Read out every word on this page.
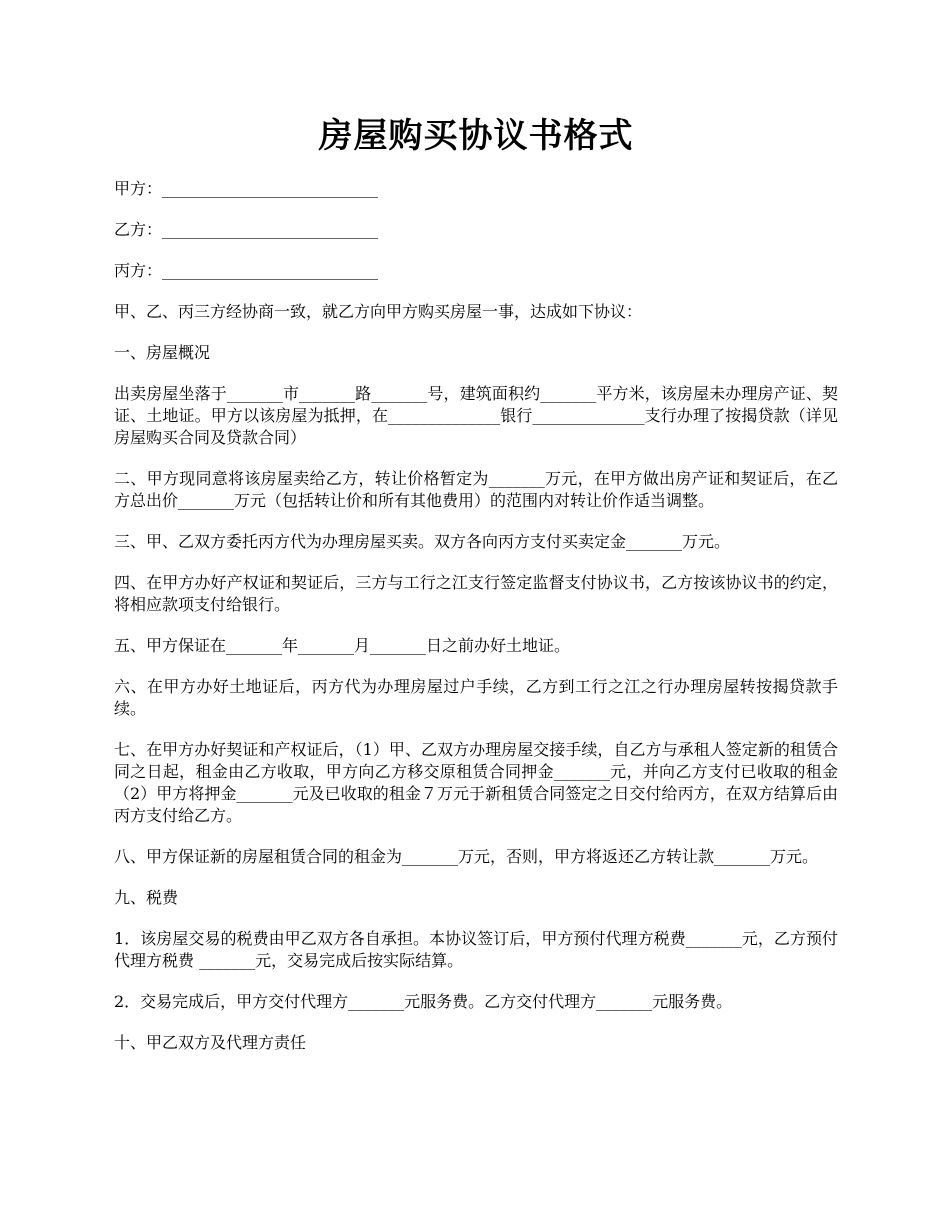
房屋购买协议书格式

甲方：___________________________

乙方：___________________________

丙方：___________________________

甲、乙、丙三方经协商一致，就乙方向甲方购买房屋一事，达成如下协议：

一、房屋概况

出卖房屋坐落于_______市_______路_______号，建筑面积约_______平方米，该房屋未办理房产证、契证、土地证。甲方以该房屋为抵押，在______________银行______________支行办理了按揭贷款（详见房屋购买合同及贷款合同）

二、甲方现同意将该房屋卖给乙方，转让价格暂定为_______万元，在甲方做出房产证和契证后，在乙方总出价_______万元（包括转让价和所有其他费用）的范围内对转让价作适当调整。

三、甲、乙双方委托丙方代为办理房屋买卖。双方各向丙方支付买卖定金_______万元。

四、在甲方办好产权证和契证后，三方与工行之江支行签定监督支付协议书，乙方按该协议书的约定，将相应款项支付给银行。

五、甲方保证在_______年_______月_______日之前办好土地证。

六、在甲方办好土地证后，丙方代为办理房屋过户手续，乙方到工行之江之行办理房屋转按揭贷款手续。

七、在甲方办好契证和产权证后，（1）甲、乙双方办理房屋交接手续，自乙方与承租人签定新的租赁合同之日起，租金由乙方收取，甲方向乙方移交原租赁合同押金_______元，并向乙方支付已收取的租金（2）甲方将押金_______元及已收取的租金７万元于新租赁合同签定之日交付给丙方，在双方结算后由丙方支付给乙方。

八、甲方保证新的房屋租赁合同的租金为_______万元，否则，甲方将返还乙方转让款_______万元。

九、税费

1．该房屋交易的税费由甲乙双方各自承担。本协议签订后，甲方预付代理方税费_______元，乙方预付代理方税费 _______元，交易完成后按实际结算。

2．交易完成后，甲方交付代理方_______元服务费。乙方交付代理方_______元服务费。

十、甲乙双方及代理方责任
